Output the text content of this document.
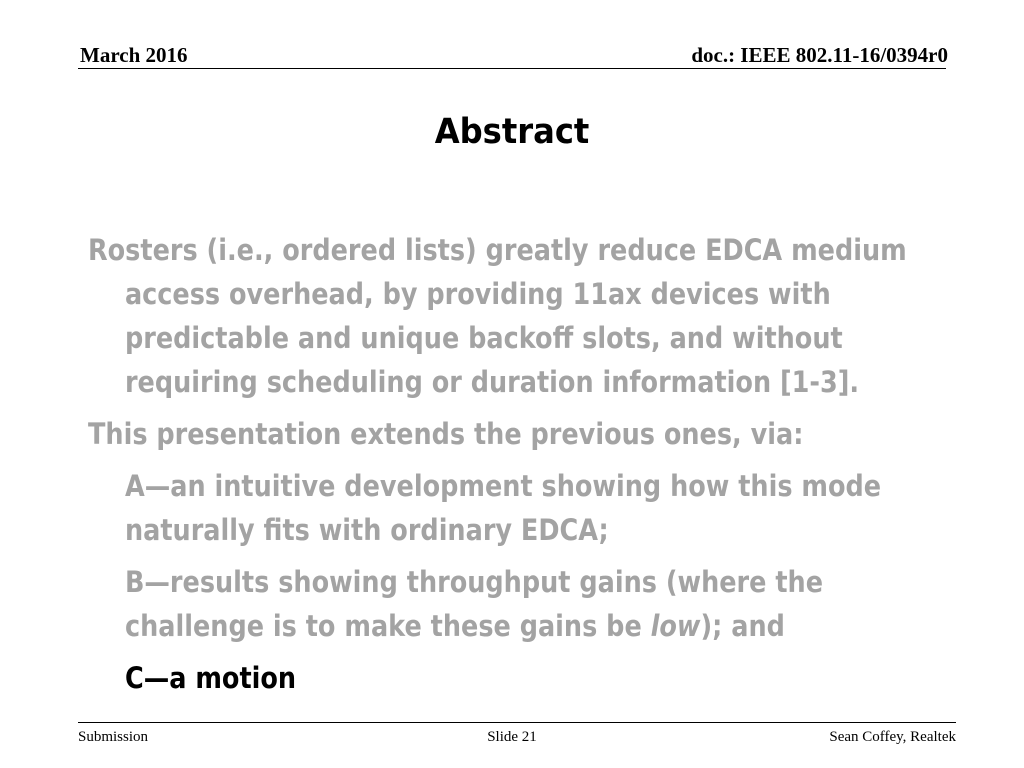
March 2016	doc.: IEEE 802.11-16/0394r0
Abstract

Rosters (i.e., ordered lists) greatly reduce EDCA medium access overhead, by providing 11ax devices with predictable and unique backoff slots, and without requiring scheduling or duration information [1-3].

This presentation extends the previous ones, via:

A—an intuitive development showing how this mode naturally fits with ordinary EDCA;

B—results showing throughput gains (where the challenge is to make these gains be low); and

C—a motion

Submission	Slide 21	Sean Coffey, Realtek
